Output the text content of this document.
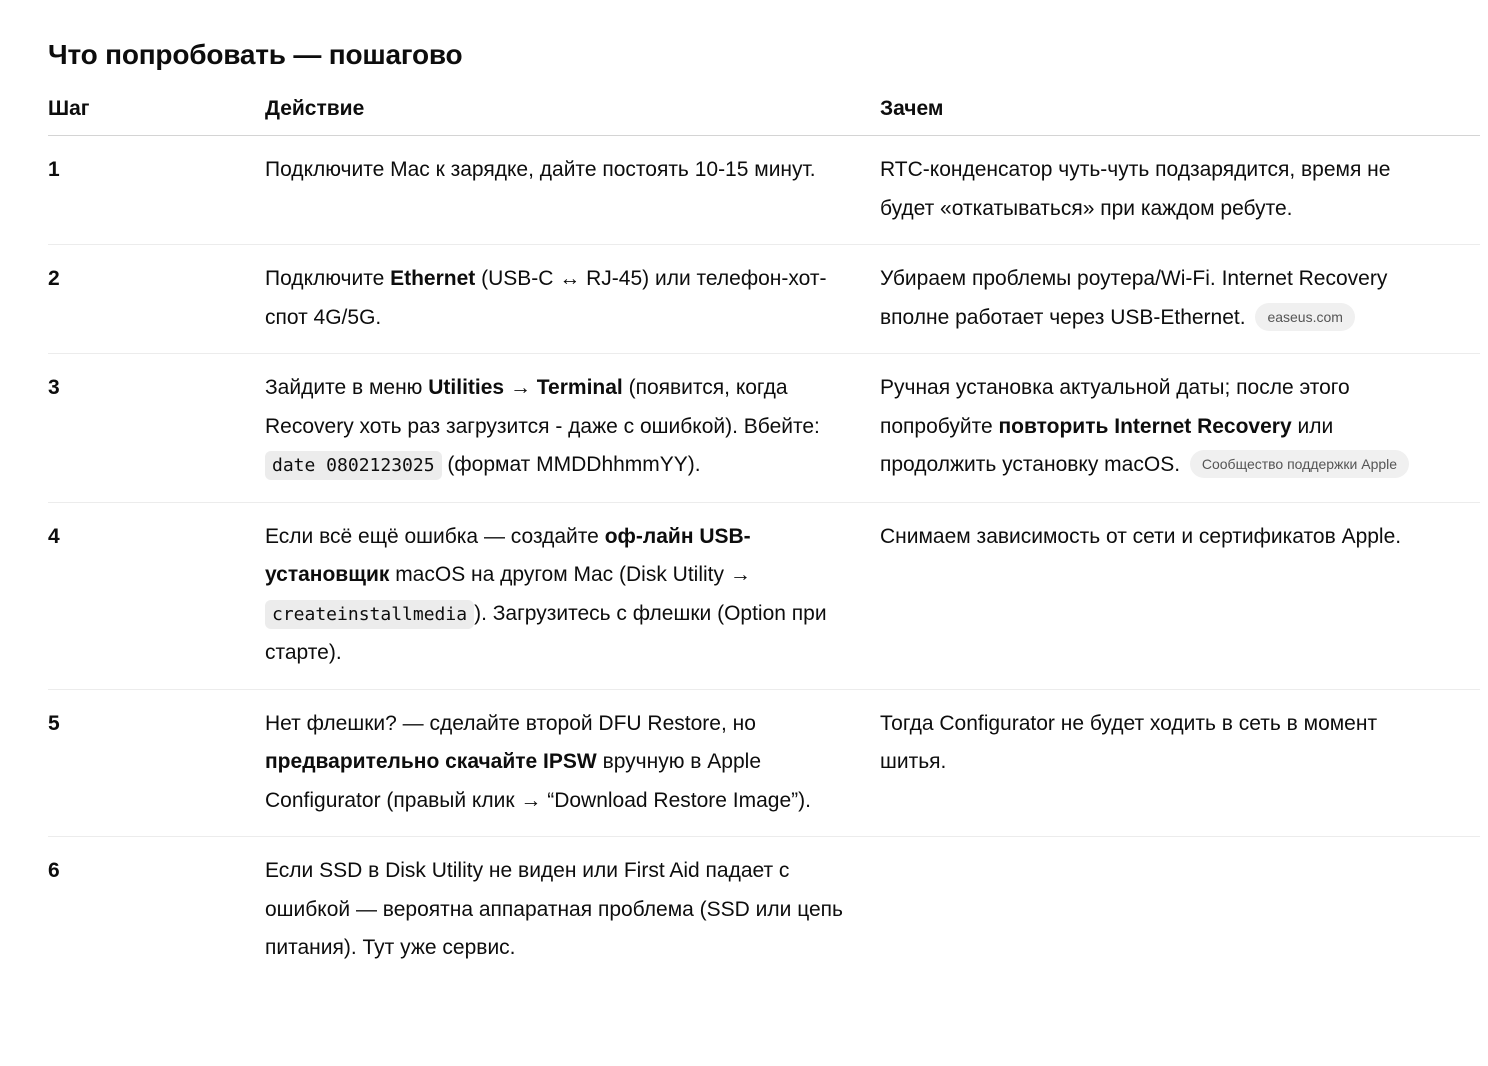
Что попробовать — пошагово
Шаг	Действие	Зачем
1	Подключите Mac к зарядке, дайте постоять 10-15 минут.	RTC-конденсатор чуть-чуть подзарядится, время не будет «откатываться» при каждом ребуте.
2	Подключите Ethernet (USB-C ↔ RJ-45) или телефон-хот-спот 4G/5G.	Убираем проблемы роутера/Wi-Fi. Internet Recovery вполне работает через USB-Ethernet. easeus.com
3	Зайдите в меню Utilities → Terminal (появится, когда Recovery хоть раз загрузится - даже с ошибкой). Вбейте: date 0802123025 (формат MMDDhhmmYY).	Ручная установка актуальной даты; после этого попробуйте повторить Internet Recovery или продолжить установку macOS. Сообщество поддержки Apple
4	Если всё ещё ошибка — создайте оф-лайн USB-установщик macOS на другом Mac (Disk Utility → createinstallmedia ). Загрузитесь с флешки (Option при старте).	Снимаем зависимость от сети и сертификатов Apple.
5	Нет флешки? — сделайте второй DFU Restore, но предварительно скачайте IPSW вручную в Apple Configurator (правый клик → “Download Restore Image”).	Тогда Configurator не будет ходить в сеть в момент шитья.
6	Если SSD в Disk Utility не виден или First Aid падает с ошибкой — вероятна аппаратная проблема (SSD или цепь питания). Тут уже сервис.	
